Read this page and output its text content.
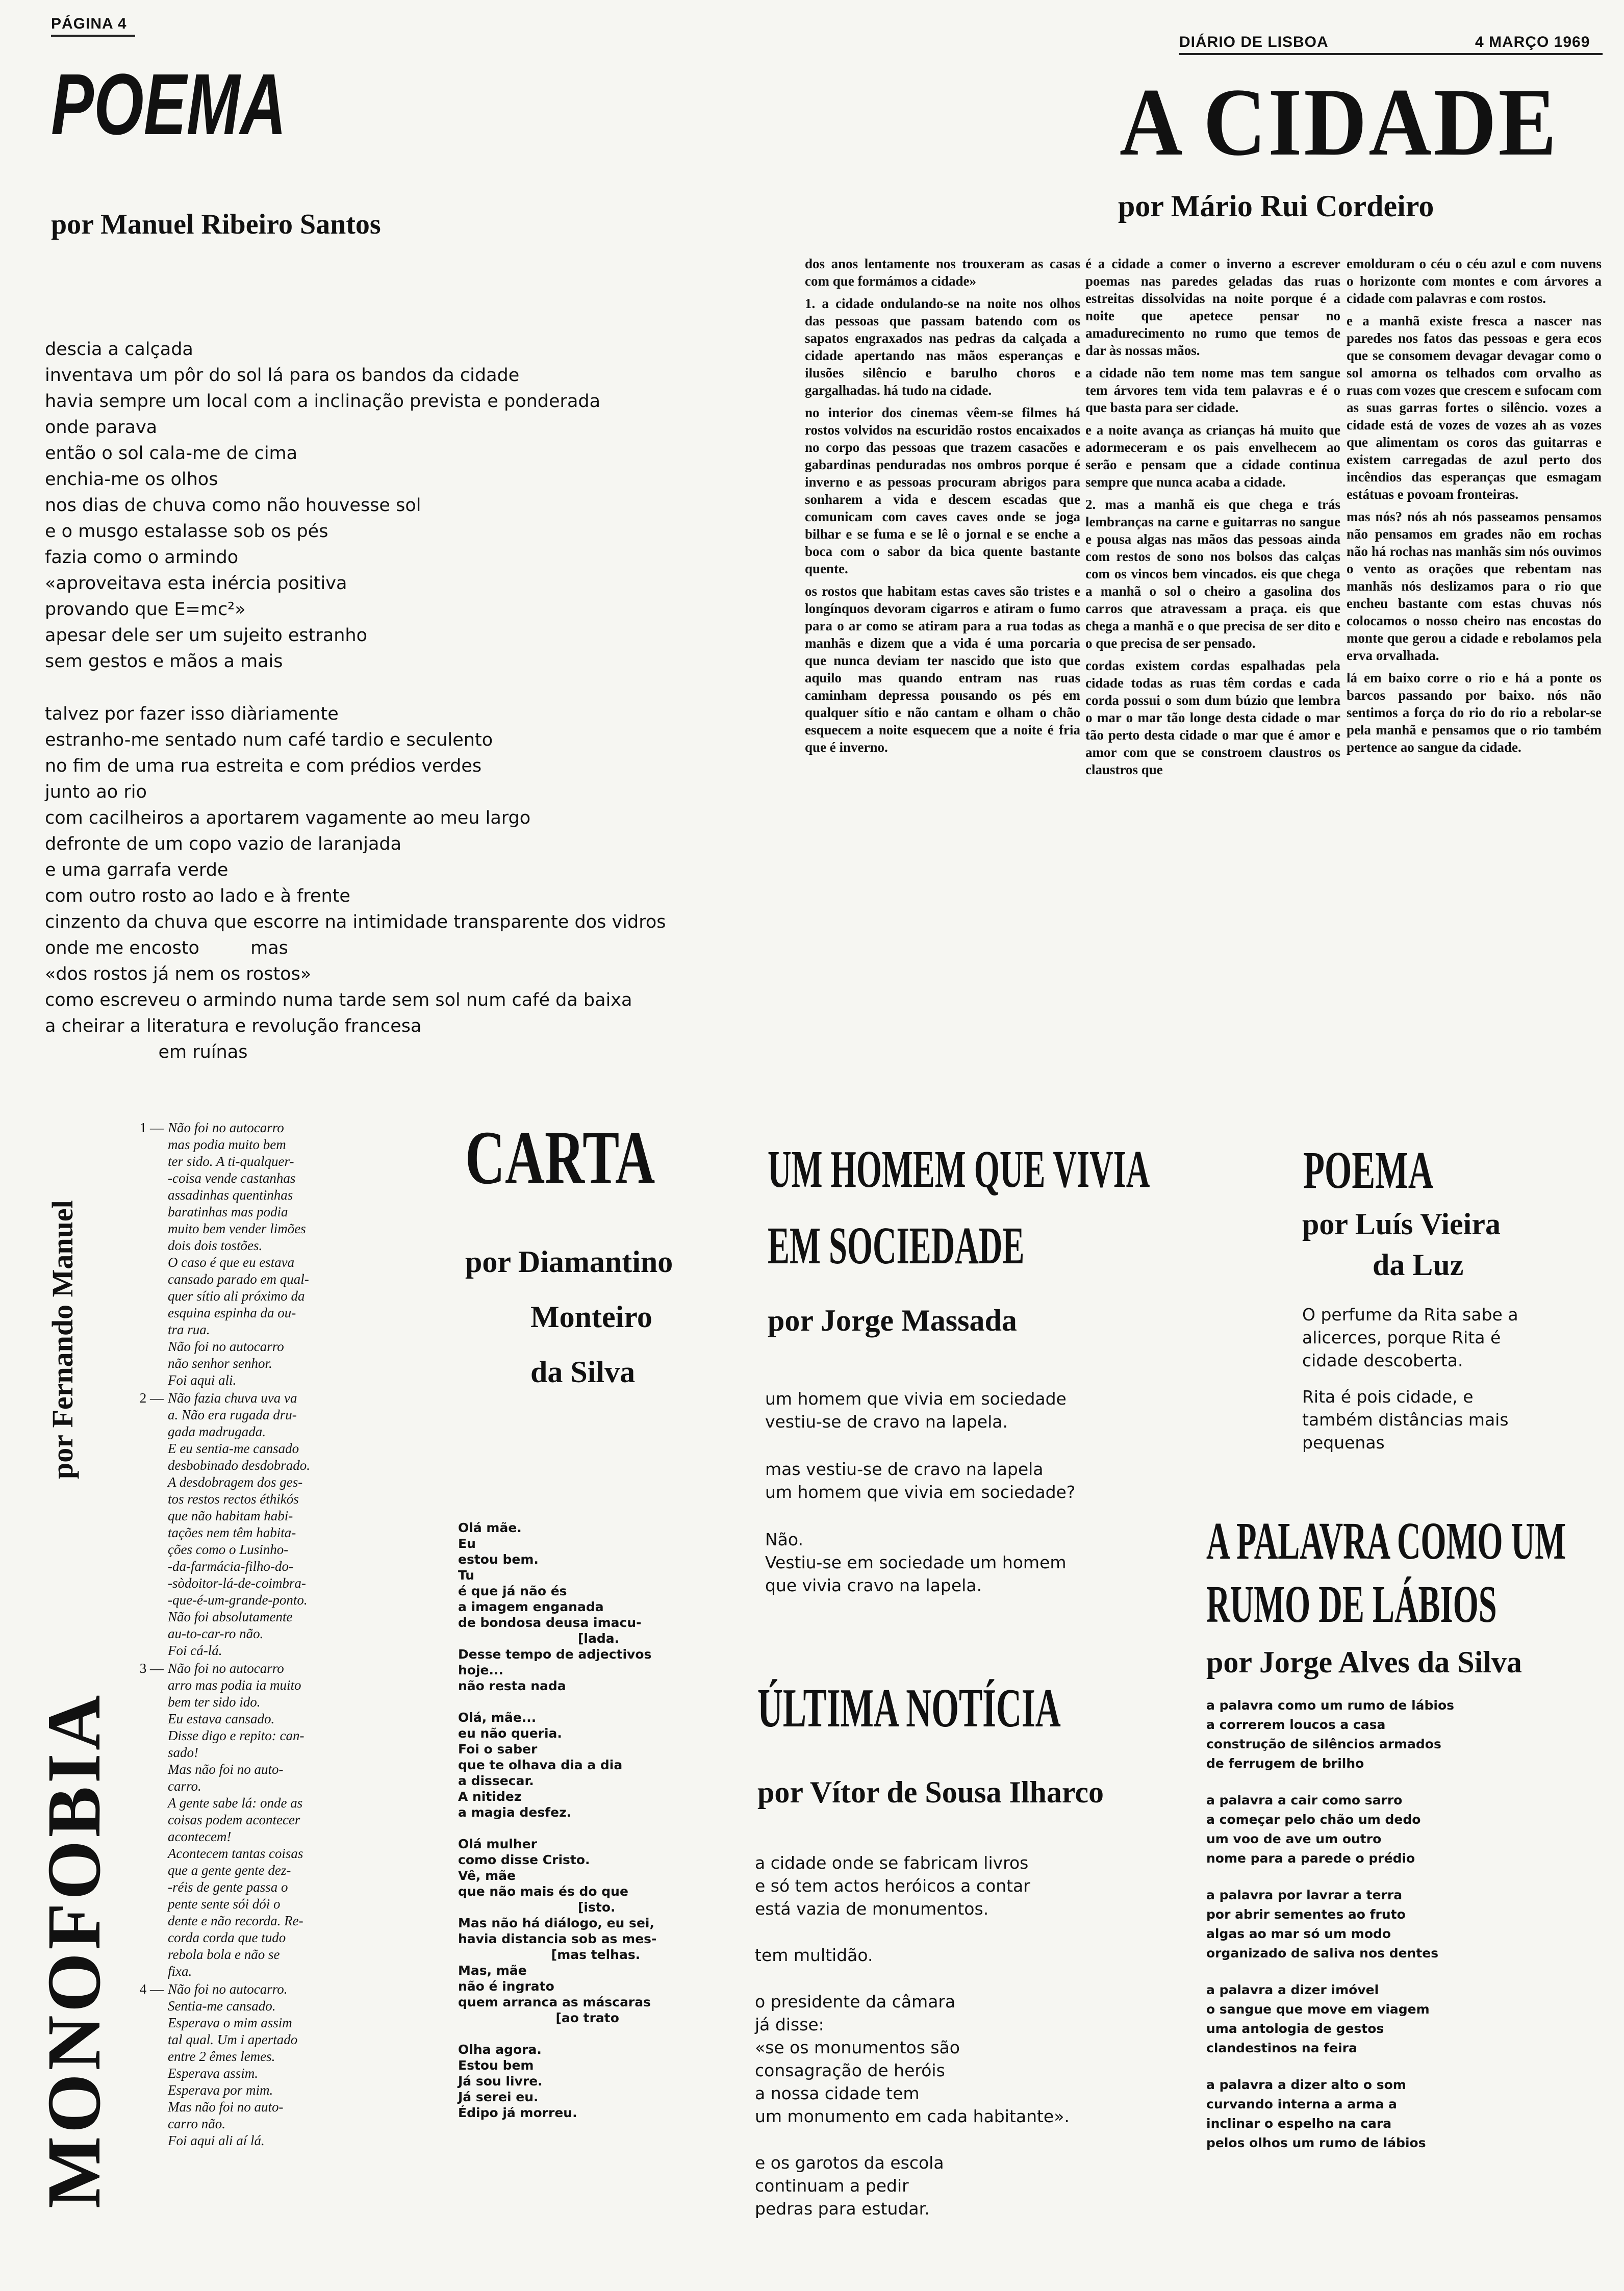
PÁGINA 4
DIÁRIO DE LISBOA	4 MARÇO 1969
POEMA
por Manuel Ribeiro Santos
descia a calçada
inventava um pôr do sol lá para os bandos da cidade
havia sempre um local com a inclinação prevista e ponderada
onde parava
então o sol cala-me de cima
enchia-me os olhos
nos dias de chuva como não houvesse sol
e o musgo estalasse sob os pés
fazia como o armindo
«aproveitava esta inércia positiva
provando que E=mc²»
apesar dele ser um sujeito estranho
sem gestos e mãos a mais
talvez por fazer isso diàriamente
estranho-me sentado num café tardio e seculento
no fim de uma rua estreita e com prédios verdes
junto ao rio
com cacilheiros a aportarem vagamente ao meu largo
defronte de um copo vazio de laranjada
e uma garrafa verde
com outro rosto ao lado e à frente
cinzento da chuva que escorre na intimidade transparente dos vidros
onde me encosto         mas
«dos rostos já nem os rostos»
como escreveu o armindo numa tarde sem sol num café da baixa
a cheirar a literatura e revolução francesa
em ruínas
A CIDADE
por Mário Rui Cordeiro

dos anos lentamente nos trouxeram as casas com que formámos a cidade»

1. a cidade ondulando-se na noite nos olhos das pessoas que passam batendo com os sapatos engraxados nas pedras da calçada a cidade apertando nas mãos esperanças e ilusões silêncio e barulho choros e gargalhadas. há tudo na cidade.

no interior dos cinemas vêem-se filmes há rostos volvidos na escuridão rostos encaixados no corpo das pessoas que trazem casacões e gabardinas penduradas nos ombros porque é inverno e as pessoas procuram abrigos para sonharem a vida e descem escadas que comunicam com caves caves onde se joga bilhar e se fuma e se lê o jornal e se enche a boca com o sabor da bica quente bastante quente.

os rostos que habitam estas caves são tristes e longínquos devoram cigarros e atiram o fumo para o ar como se atiram para a rua todas as manhãs e dizem que a vida é uma porcaria que nunca deviam ter nascido que isto que aquilo mas quando entram nas ruas caminham depressa pousando os pés em qualquer sítio e não cantam e olham o chão esquecem a noite esquecem que a noite é fria que é inverno.

é a cidade a comer o inverno a escrever poemas nas paredes geladas das ruas estreitas dissolvidas na noite porque é a noite que apetece pensar no amadurecimento no rumo que temos de dar às nossas mãos.

a cidade não tem nome mas tem sangue tem árvores tem vida tem palavras e é o que basta para ser cidade.

e a noite avança as crianças há muito que adormeceram e os pais envelhecem ao serão e pensam que a cidade continua sempre que nunca acaba a cidade.

2. mas a manhã eis que chega e trás lembranças na carne e guitarras no sangue e pousa algas nas mãos das pessoas ainda com restos de sono nos bolsos das calças com os vincos bem vincados. eis que chega a manhã o sol o cheiro a gasolina dos carros que atravessam a praça. eis que chega a manhã e o que precisa de ser dito e o que precisa de ser pensado.

cordas existem cordas espalhadas pela cidade todas as ruas têm cordas e cada corda possui o som dum búzio que lembra o mar o mar tão longe desta cidade o mar tão perto desta cidade o mar que é amor e amor com que se constroem claustros os claustros que

emolduram o céu o céu azul e com nuvens o horizonte com montes e com árvores a cidade com palavras e com rostos.

e a manhã existe fresca a nascer nas paredes nos fatos das pessoas e gera ecos que se consomem devagar devagar como o sol amorna os telhados com orvalho as ruas com vozes que crescem e sufocam com as suas garras fortes o silêncio. vozes a cidade está de vozes de vozes ah as vozes que alimentam os coros das guitarras e existem carregadas de azul perto dos incêndios das esperanças que esmagam estátuas e povoam fronteiras.

mas nós? nós ah nós passeamos pensamos não pensamos em grades não em rochas não há rochas nas manhãs sim nós ouvimos o vento as orações que rebentam nas manhãs nós deslizamos para o rio que encheu bastante com estas chuvas nós colocamos o nosso cheiro nas encostas do monte que gerou a cidade e rebolamos pela erva orvalhada.

lá em baixo corre o rio e há a ponte os barcos passando por baixo. nós não sentimos a força do rio do rio a rebolar-se pela manhã e pensamos que o rio também pertence ao sangue da cidade.

MONOFOBIA
por Fernando Manuel
1 — Não foi no autocarro
mas podia muito bem
ter sido. A ti-qualquer-
-coisa vende castanhas
assadinhas quentinhas
baratinhas mas podia
muito bem vender limões
dois dois tostões.
O caso é que eu estava
cansado parado em qual-
quer sítio ali próximo da
esquina espinha da ou-
tra rua.
Não foi no autocarro
não senhor senhor.
Foi aqui ali.
2 — Não fazia chuva uva va
a. Não era rugada dru-
gada madrugada.
E eu sentia-me cansado
desbobinado desdobrado.
A desdobragem dos ges-
tos restos rectos éthikós
que não habitam habi-
tações nem têm habita-
ções como o Lusinho-
-da-farmácia-filho-do-
-sòdoitor-lá-de-coimbra-
-que-é-um-grande-ponto.
Não foi absolutamente
au-to-car-ro não.
Foi cá-lá.
3 — Não foi no autocarro
arro mas podia ia muito
bem ter sido ido.
Eu estava cansado.
Disse digo e repito: can-
sado!
Mas não foi no auto-
carro.
A gente sabe lá: onde as
coisas podem acontecer
acontecem!
Acontecem tantas coisas
que a gente gente dez-
-réis de gente passa o
pente sente sói dói o
dente e não recorda. Re-
corda corda que tudo
rebola bola e não se
fixa.
4 — Não foi no autocarro.
Sentia-me cansado.
Esperava o mim assim
tal qual. Um i apertado
entre 2 êmes lemes.
Esperava assim.
Esperava por mim.
Mas não foi no auto-
carro não.
Foi aqui ali aí lá.
CARTA
por Diamantino
Monteiro
da Silva
Olá mãe.
Eu
estou bem.
Tu
é que já não és
a imagem enganada
de bondosa deusa imacu-
[lada.
Desse tempo de adjectivos
hoje...
não resta nada
Olá, mãe...
eu não queria.
Foi o saber
que te olhava dia a dia
a dissecar.
A nitidez
a magia desfez.
Olá mulher
como disse Cristo.
Vê, mãe
que não mais és do que
[isto.
Mas não há diálogo, eu sei,
havia distancia sob as mes-
[mas telhas.
Mas, mãe
não é ingrato
quem arranca as máscaras
[ao trato
Olha agora.
Estou bem
Já sou livre.
Já serei eu.
Édipo já morreu.
UM HOMEM QUE VIVIA
EM SOCIEDADE
por Jorge Massada
um homem que vivia em sociedade
vestiu-se de cravo na lapela.
mas vestiu-se de cravo na lapela
um homem que vivia em sociedade?
Não.
Vestiu-se em sociedade um homem
que vivia cravo na lapela.
ÚLTIMA NOTÍCIA
por Vítor de Sousa Ilharco
a cidade onde se fabricam livros
e só tem actos heróicos a contar
está vazia de monumentos.
tem multidão.
o presidente da câmara
já disse:
«se os monumentos são
consagração de heróis
a nossa cidade tem
um monumento em cada habitante».
e os garotos da escola
continuam a pedir
pedras para estudar.
POEMA
por Luís Vieira
da Luz
O perfume da Rita sabe a
alicerces, porque Rita é
cidade descoberta.
Rita é pois cidade, e
também distâncias mais
pequenas
A PALAVRA COMO UM
RUMO DE LÁBIOS
por Jorge Alves da Silva
a palavra como um rumo de lábios
a correrem loucos a casa
construção de silêncios armados
de ferrugem de brilho
a palavra a cair como sarro
a começar pelo chão um dedo
um voo de ave um outro
nome para a parede o prédio
a palavra por lavrar a terra
por abrir sementes ao fruto
algas ao mar só um modo
organizado de saliva nos dentes
a palavra a dizer imóvel
o sangue que move em viagem
uma antologia de gestos
clandestinos na feira
a palavra a dizer alto o som
curvando interna a arma a
inclinar o espelho na cara
pelos olhos um rumo de lábios
